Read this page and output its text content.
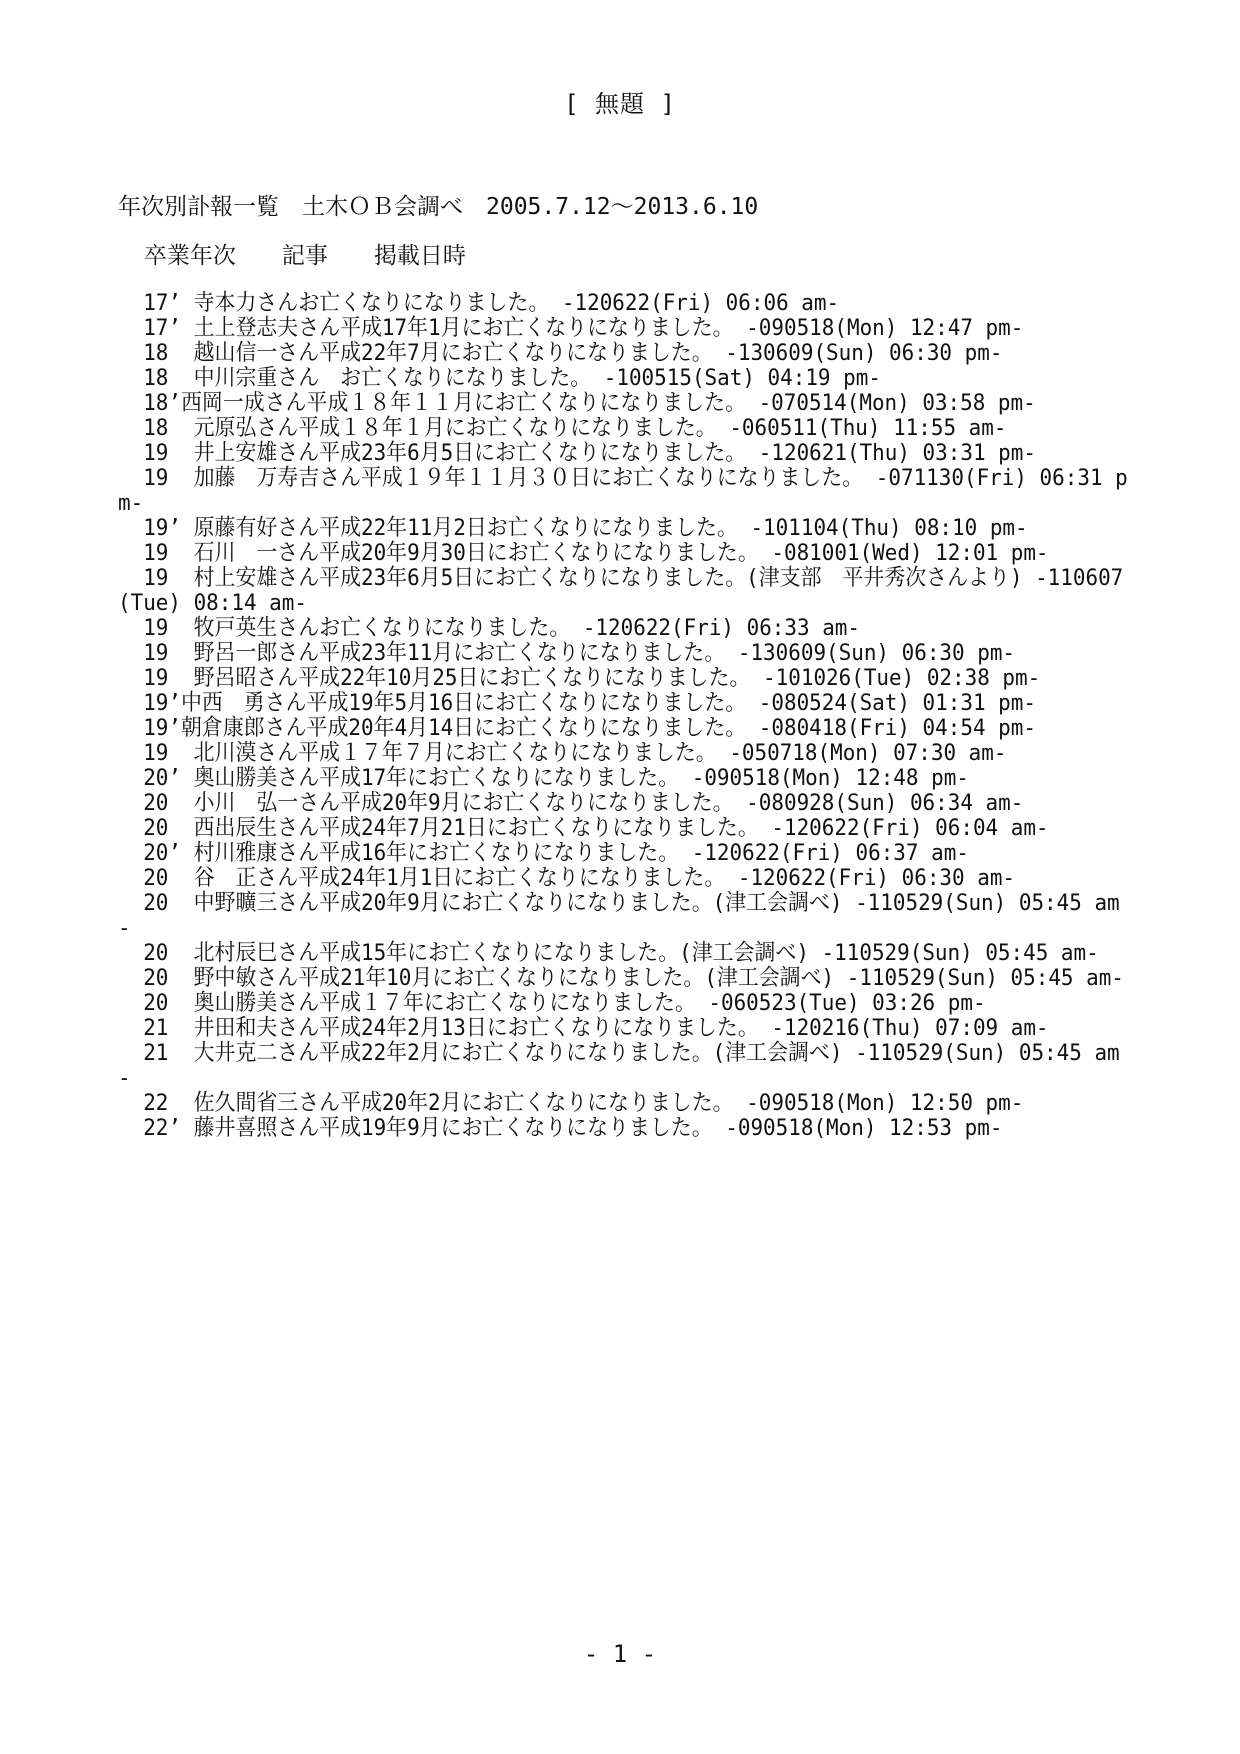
[ 無題 ]
年次別訃報一覧　土木ＯＢ会調べ　2005.7.12～2013.6.10
卒業年次　　記事　　掲載日時
17’ 寺本力さんお亡くなりになりました。 -120622(Fri) 06:06 am-
17’ 土上登志夫さん平成17年1月にお亡くなりになりました。 -090518(Mon) 12:47 pm-
18  越山信一さん平成22年7月にお亡くなりになりました。 -130609(Sun) 06:30 pm-
18  中川宗重さん　お亡くなりになりました。 -100515(Sat) 04:19 pm-
18’西岡一成さん平成１８年１１月にお亡くなりになりました。 -070514(Mon) 03:58 pm-
18  元原弘さん平成１８年１月にお亡くなりになりました。 -060511(Thu) 11:55 am-
19  井上安雄さん平成23年6月5日にお亡くなりになりました。 -120621(Thu) 03:31 pm-
19  加藤　万寿吉さん平成１９年１１月３０日にお亡くなりになりました。 -071130(Fri) 06:31 pm-
19’ 原藤有好さん平成22年11月2日お亡くなりになりました。 -101104(Thu) 08:10 pm-
19  石川　一さん平成20年9月30日にお亡くなりになりました。 -081001(Wed) 12:01 pm-
19  村上安雄さん平成23年6月5日にお亡くなりになりました。(津支部　平井秀次さんより) -110607(Tue) 08:14 am-
19  牧戸英生さんお亡くなりになりました。 -120622(Fri) 06:33 am-
19  野呂一郎さん平成23年11月にお亡くなりになりました。 -130609(Sun) 06:30 pm-
19  野呂昭さん平成22年10月25日にお亡くなりになりました。 -101026(Tue) 02:38 pm-
19’中西　勇さん平成19年5月16日にお亡くなりになりました。 -080524(Sat) 01:31 pm-
19’朝倉康郎さん平成20年4月14日にお亡くなりになりました。 -080418(Fri) 04:54 pm-
19  北川漠さん平成１７年７月にお亡くなりになりました。 -050718(Mon) 07:30 am-
20’ 奥山勝美さん平成17年にお亡くなりになりました。 -090518(Mon) 12:48 pm-
20  小川　弘一さん平成20年9月にお亡くなりになりました。 -080928(Sun) 06:34 am-
20  西出辰生さん平成24年7月21日にお亡くなりになりました。 -120622(Fri) 06:04 am-
20’ 村川雅康さん平成16年にお亡くなりになりました。 -120622(Fri) 06:37 am-
20  谷　正さん平成24年1月1日にお亡くなりになりました。 -120622(Fri) 06:30 am-
20  中野曠三さん平成20年9月にお亡くなりになりました。(津工会調べ) -110529(Sun) 05:45 am-
20  北村辰巳さん平成15年にお亡くなりになりました。(津工会調べ) -110529(Sun) 05:45 am-
20  野中敏さん平成21年10月にお亡くなりになりました。(津工会調べ) -110529(Sun) 05:45 am-
20  奥山勝美さん平成１７年にお亡くなりになりました。 -060523(Tue) 03:26 pm-
21  井田和夫さん平成24年2月13日にお亡くなりになりました。 -120216(Thu) 07:09 am-
21  大井克二さん平成22年2月にお亡くなりになりました。(津工会調べ) -110529(Sun) 05:45 am-
22  佐久間省三さん平成20年2月にお亡くなりになりました。 -090518(Mon) 12:50 pm-
22’ 藤井喜照さん平成19年9月にお亡くなりになりました。 -090518(Mon) 12:53 pm-
- 1 -
